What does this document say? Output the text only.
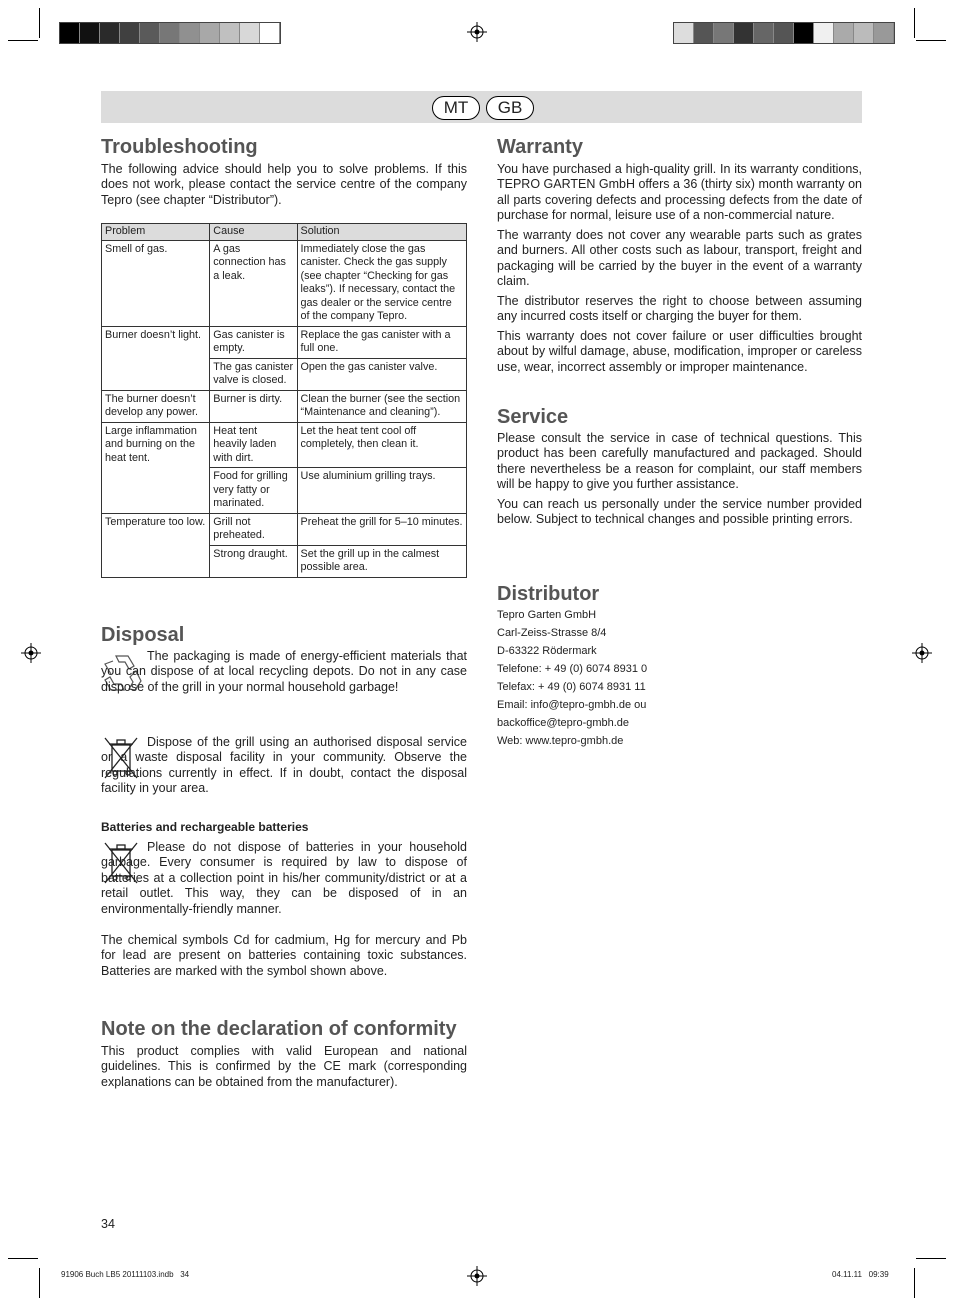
MT	GB
Troubleshooting

The following advice should help you to solve problems. If this does not work, please contact the service centre of the company Tepro (see chapter “Distributor”).

Problem	Cause	Solution
Smell of gas.	A gas connection has a leak.	Immediately close the gas canister. Check the gas supply (see chapter “Checking for gas leaks”). If necessary, contact the gas dealer or the service centre of the company Tepro.
Burner doesn’t light.	Gas canister is empty.	Replace the gas canister with a full one.
	The gas canister valve is closed.	Open the gas canister valve.
The burner doesn’t develop any power.	Burner is dirty.	Clean the burner (see the section “Maintenance and cleaning”).
Large inflammation and burning on the heat tent.	Heat tent heavily laden with dirt.	Let the heat tent cool off completely, then clean it.
	Food for grilling very fatty or marinated.	Use aluminium grilling trays.
Temperature too low.	Grill not preheated.	Preheat the grill for 5–10 minutes.
	Strong draught.	Set the grill up in the calmest possible area.
Disposal

The packaging is made of energy-efficient materials that you can dispose of at local recycling depots. Do not in any case dispose of the grill in your normal household garbage!

Dispose of the grill using an authorised disposal service or a waste disposal facility in your community. Observe the regulations currently in effect. If in doubt, contact the disposal facility in your area.

Batteries and rechargeable batteries

Please do not dispose of batteries in your household garbage. Every consumer is required by law to dispose of batteries at a collection point in his/her community/district or at a retail outlet. This way, they can be disposed of in an environmentally-friendly manner.

The chemical symbols Cd for cadmium, Hg for mercury and Pb for lead are present on batteries containing toxic substances. Batteries are marked with the symbol shown above.

Note on the declaration of conformity

This product complies with valid European and national guidelines. This is confirmed by the CE mark (corresponding explanations can be obtained from the manufacturer).

34
Warranty

You have purchased a high-quality grill. In its warranty conditions, TEPRO GARTEN GmbH offers a 36 (thirty six) month warranty on all parts covering defects and processing defects from the date of purchase for normal, leisure use of a non-commercial nature.

The warranty does not cover any wearable parts such as grates and burners. All other costs such as labour, transport, freight and packaging will be carried by the buyer in the event of a warranty claim.

The distributor reserves the right to choose between assuming any incurred costs itself or charging the buyer for them.

This warranty does not cover failure or user difficulties brought about by wilful damage, abuse, modification, improper or careless use, wear, incorrect assembly or improper maintenance.

Service

Please consult the service in case of technical questions. This product has been carefully manufactured and packaged. Should there nevertheless be a reason for complaint, our staff members will be happy to give you further assistance.

You can reach us personally under the service number provided below. Subject to technical changes and possible printing errors.

Distributor
Tepro Garten GmbH
Carl-Zeiss-Strasse 8/4
D-63322 Rödermark
Telefone: + 49 (0) 6074 8931 0
Telefax: + 49 (0) 6074 8931 11
Email: info@tepro-gmbh.de ou
backoffice@tepro-gmbh.de
Web: www.tepro-gmbh.de
91906 Buch LB5 20111103.indb   34	04.11.11   09:39
